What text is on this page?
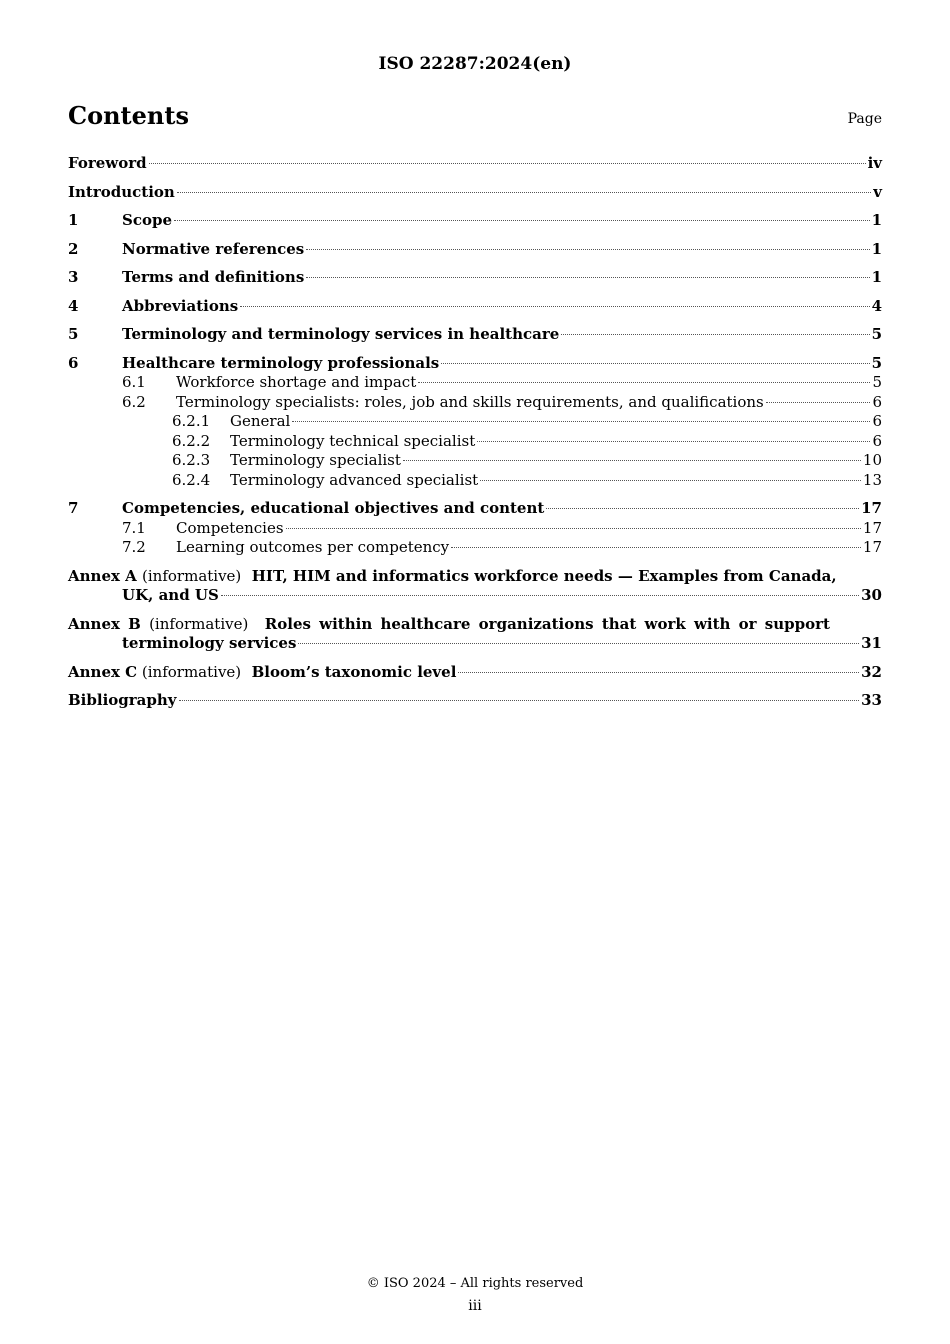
ISO 22287:2024(en)
Contents	Page
Foreword	iv
Introduction	v
1	Scope	1
2	Normative references	1
3	Terms and definitions	1
4	Abbreviations	4
5	Terminology and terminology services in healthcare	5
6	Healthcare terminology professionals	5
6.1	Workforce shortage and impact	5
6.2	Terminology specialists: roles, job and skills requirements, and qualifications	6
6.2.1	General	6
6.2.2	Terminology technical specialist	6
6.2.3	Terminology specialist	10
6.2.4	Terminology advanced specialist	13
7	Competencies, educational objectives and content	17
7.1	Competencies	17
7.2	Learning outcomes per competency	17
Annex A (informative) HIT, HIM and informatics workforce needs — Examples from Canada,
UK, and US	30
Annex B (informative) Roles within healthcare organizations that work with or support
terminology services	31
Annex C
(informative)
Bloom’s taxonomic level	32
Bibliography	33
© ISO 2024 – All rights reserved
iii
